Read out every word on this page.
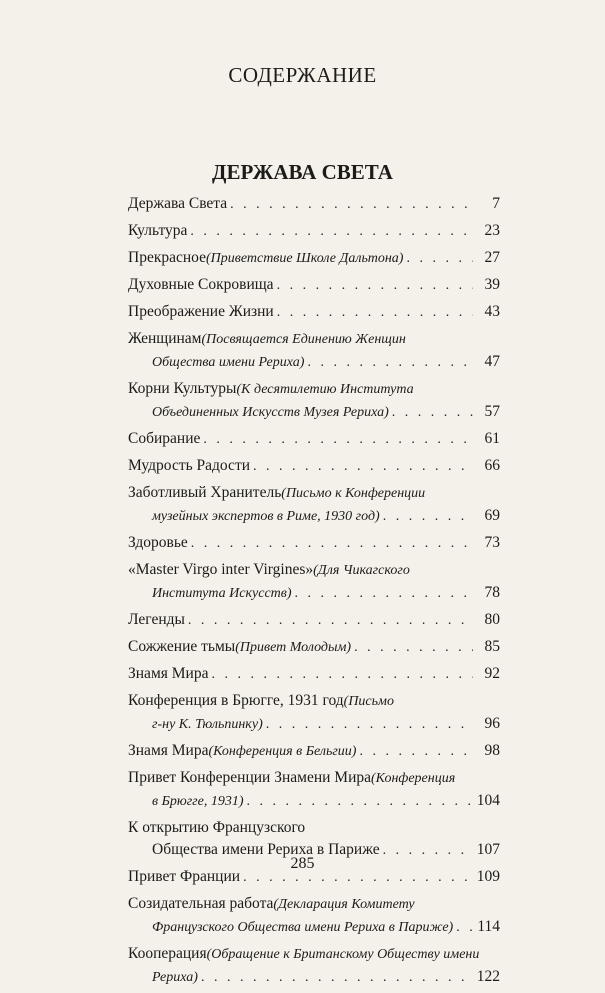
СОДЕРЖАНИЕ
ДЕРЖАВА СВЕТА
Держава Света . . .	7
Культура . . .	23
Прекрасное (Приветствие Школе Дальтона) . . .	27
Духовные Сокровища . . .	39
Преображение Жизни . . .	43
Женщинам (Посвящается Единению Женщин
Общества имени Рериха) . . .	47
Корни Культуры (К десятилетию Института
Объединенных Искусств Музея Рериха) . . .	57
Собирание . . .	61
Мудрость Радости . . .	66
Заботливый Хранитель (Письмо к Конференции
музейных экспертов в Риме, 1930 год) . . .	69
Здоровье . . .	73
«Master Virgo inter Virgines» (Для Чикагского
Института Искусств) . . .	78
Легенды . . .	80
Сожжение тьмы (Привет Молодым) . . .	85
Знамя Мира . . .	92
Конференция в Брюгге, 1931 год (Письмо
г-ну К. Тюльпинку) . . .	96
Знамя Мира (Конференция в Бельгии) . . .	98
Привет Конференции Знамени Мира (Конференция
в Брюгге, 1931) . . .	104
К открытию Французского
Общества имени Рериха в Париже . . .	107
Привет Франции . . .	109
Созидательная работа (Декларация Комитету
Французского Общества имени Рериха в Париже) . . . 114
Кооперация (Обращение к Британскому Обществу имени
Рериха) . . .	122
285
